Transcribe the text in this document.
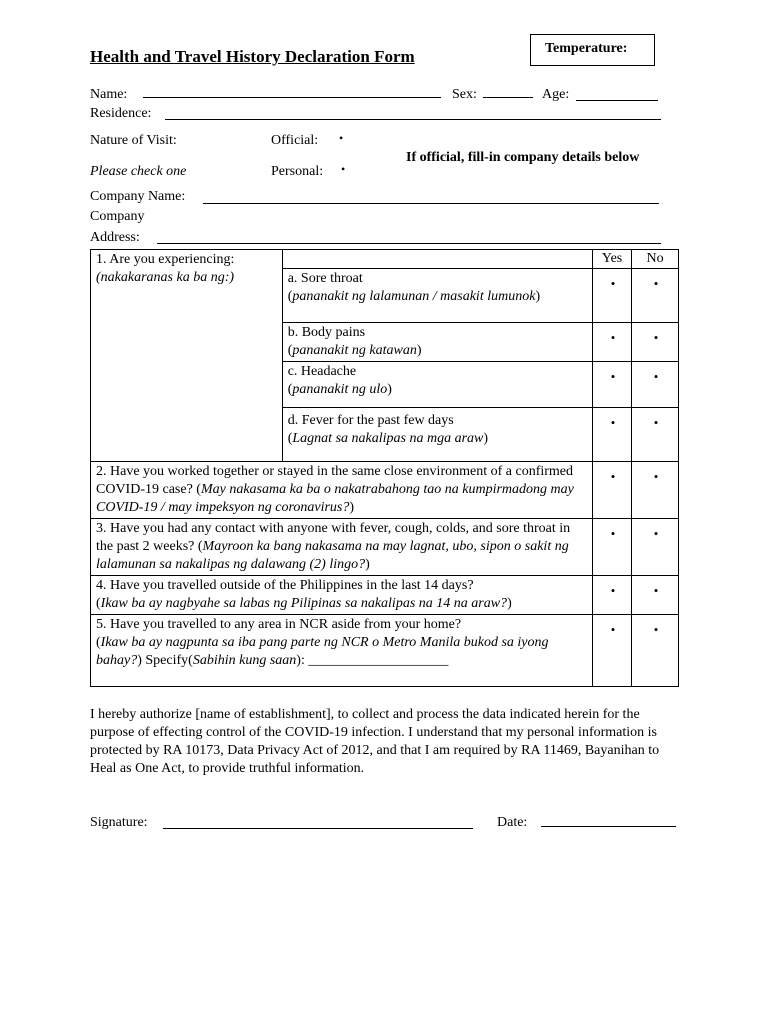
Health and Travel History Declaration Form	Temperature:
Name:	Sex:	Age:
Residence:
Nature of Visit:	Official: •
Please check one	Personal: •
If official, fill-in company details below
Company Name:
Company
Address:
1. Are you experiencing:
(nakakaranas ka ba ng:)		Yes	No
	a. Sore throat
(pananakit ng lalamunan / masakit lumunok)	•	•
	b. Body pains
(pananakit ng katawan)	•	•
	c. Headache
(pananakit ng ulo)	•	•
	d. Fever for the past few days
(Lagnat sa nakalipas na mga araw)	•	•
2. Have you worked together or stayed in the same close environment of a confirmed COVID-19 case? (May nakasama ka ba o nakatrabahong tao na kumpirmadong may COVID-19 / may impeksyon ng coronavirus?)		•	•
3. Have you had any contact with anyone with fever, cough, colds, and sore throat in the past 2 weeks? (Mayroon ka bang nakasama na may lagnat, ubo, sipon o sakit ng lalamunan sa nakalipas ng dalawang (2) lingo?)		•	•
4. Have you travelled outside of the Philippines in the last 14 days?
(Ikaw ba ay nagbyahe sa labas ng Pilipinas sa nakalipas na 14 na araw?)		•	•
5. Have you travelled to any area in NCR aside from your home?
(Ikaw ba ay nagpunta sa iba pang parte ng NCR o Metro Manila bukod sa iyong bahay?) Specify(Sabihin kung saan): ____________________		•	•
I hereby authorize [name of establishment], to collect and process the data indicated herein for the purpose of effecting control of the COVID-19 infection. I understand that my personal information is protected by RA 10173, Data Privacy Act of 2012, and that I am required by RA 11469, Bayanihan to Heal as One Act, to provide truthful information.
Signature:	Date:
